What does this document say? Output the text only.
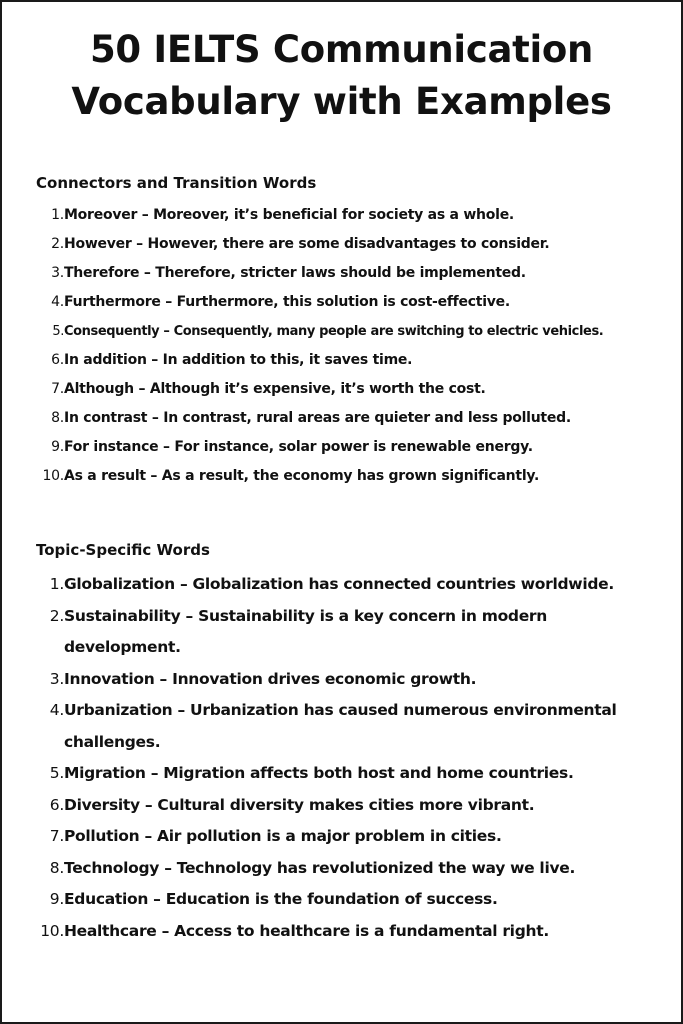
50 IELTS Communication
Vocabulary with Examples
Connectors and Transition Words
1. Moreover – Moreover, it’s beneficial for society as a whole.
2. However – However, there are some disadvantages to consider.
3. Therefore – Therefore, stricter laws should be implemented.
4. Furthermore – Furthermore, this solution is cost-effective.
5. Consequently – Consequently, many people are switching to electric vehicles.
6. In addition – In addition to this, it saves time.
7. Although – Although it’s expensive, it’s worth the cost.
8. In contrast – In contrast, rural areas are quieter and less polluted.
9. For instance – For instance, solar power is renewable energy.
10. As a result – As a result, the economy has grown significantly.
Topic-Specific Words
1. Globalization – Globalization has connected countries worldwide.
2. Sustainability – Sustainability is a key concern in modern development.
3. Innovation – Innovation drives economic growth.
4. Urbanization – Urbanization has caused numerous environmental challenges.
5. Migration – Migration affects both host and home countries.
6. Diversity – Cultural diversity makes cities more vibrant.
7. Pollution – Air pollution is a major problem in cities.
8. Technology – Technology has revolutionized the way we live.
9. Education – Education is the foundation of success.
10. Healthcare – Access to healthcare is a fundamental right.
